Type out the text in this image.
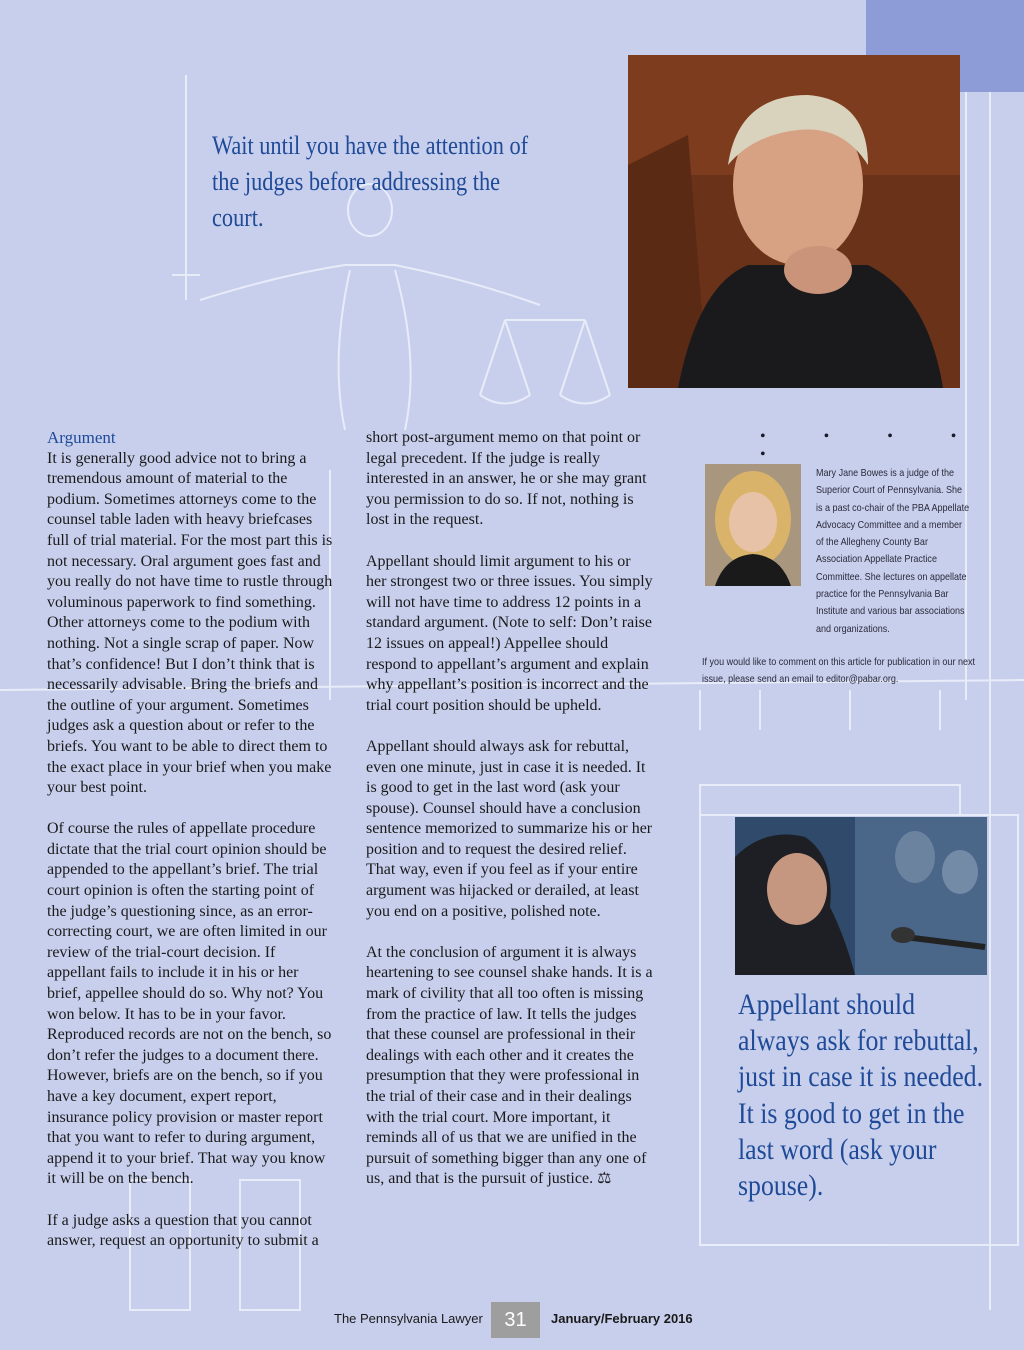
Wait until you have the attention of the judges before addressing the court.
Argument

It is generally good advice not to bring a tremendous amount of material to the podium. Sometimes attorneys come to the counsel table laden with heavy briefcases full of trial material. For the most part this is not necessary. Oral argument goes fast and you really do not have time to rustle through voluminous paperwork to find something. Other attorneys come to the podium with nothing. Not a single scrap of paper. Now that’s confidence! But I don’t think that is necessarily advisable. Bring the briefs and the outline of your argument. Sometimes judges ask a question about or refer to the briefs. You want to be able to direct them to the exact place in your brief when you make your best point.

Of course the rules of appellate procedure dictate that the trial court opinion should be appended to the appellant’s brief. The trial court opinion is often the starting point of the judge’s questioning since, as an error-correcting court, we are often limited in our review of the trial-court decision. If appellant fails to include it in his or her brief, appellee should do so. Why not? You won below. It has to be in your favor. Reproduced records are not on the bench, so don’t refer the judges to a document there. However, briefs are on the bench, so if you have a key document, expert report, insurance policy provision or master report that you want to refer to during argument, append it to your brief. That way you know it will be on the bench.

If a judge asks a question that you cannot answer, request an opportunity to submit a

short post-argument memo on that point or legal precedent. If the judge is really interested in an answer, he or she may grant you permission to do so. If not, nothing is lost in the request.

Appellant should limit argument to his or her strongest two or three issues. You simply will not have time to address 12 points in a standard argument. (Note to self: Don’t raise 12 issues on appeal!) Appellee should respond to appellant’s argument and explain why appellant’s position is incorrect and the trial court position should be upheld.

Appellant should always ask for rebuttal, even one minute, just in case it is needed. It is good to get in the last word (ask your spouse). Counsel should have a conclusion sentence memorized to summarize his or her position and to request the desired relief. That way, even if you feel as if your entire argument was hijacked or derailed, at least you end on a positive, polished note.

At the conclusion of argument it is always heartening to see counsel shake hands. It is a mark of civility that all too often is missing from the practice of law. It tells the judges that these counsel are professional in their dealings with each other and it creates the presumption that they were professional in the trial of their case and in their dealings with the trial court. More important, it reminds all of us that we are unified in the pursuit of something bigger than any one of us, and that is the pursuit of justice. ⚖

• • • • •
Mary Jane Bowes is a judge of the Superior Court of Pennsylvania. She is a past co-chair of the PBA Appellate Advocacy Committee and a member of the Allegheny County Bar Association Appellate Practice Committee. She lectures on appellate practice for the Pennsylvania Bar Institute and various bar associations and organizations.
If you would like to comment on this article for publication in our next issue, please send an email to editor@pabar.org.
Appellant should always ask for rebuttal, just in case it is needed. It is good to get in the last word (ask your spouse).
The Pennsylvania Lawyer	31	January/February 2016
